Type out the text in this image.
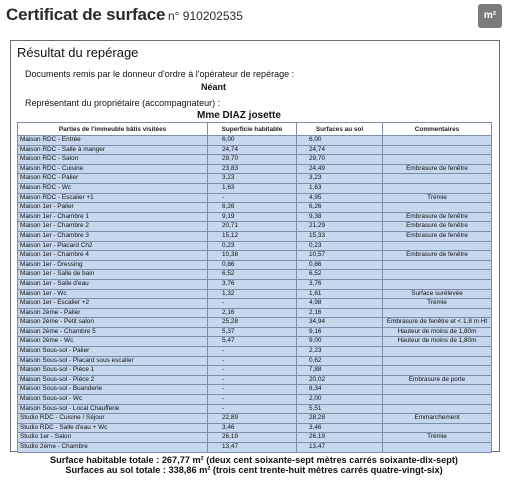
Certificat de surface n° 910202535	m²
Résultat du repérage
Documents remis par le donneur d'ordre à l'opérateur de repérage :
Néant
Représentant du propriétaire (accompagnateur) :
Mme DIAZ josette
Parties de l'immeuble bâtis visitées	Superficie habitable	Surfaces au sol	Commentaires
Maison RDC - Entrée	6,00	6,00	
Maison RDC - Salle à manger	24,74	24,74	
Maison RDC - Salon	29,70	29,70	
Maison RDC - Cuisine	23,83	24,49	Embrasure de fenêtre
Maison RDC - Palier	3,23	3,23	
Maison RDC - Wc	1,63	1,63	
Maison RDC - Escalier +1	-	4,95	Trémie
Maison 1er - Palier	6,26	6,26	
Maison 1er - Chambre 1	9,19	9,38	Embrasure de fenêtre
Maison 1er - Chambre 2	20,71	21,29	Embrasure de fenêtre
Maison 1er - Chambre 3	15,12	15,33	Embrasure de fenêtre
Maison 1er - Placard Ch2	0,23	0,23	
Maison 1er - Chambre 4	10,38	10,57	Embrasure de fenêtre
Maison 1er - Dressing	0,86	0,86	
Maison 1er - Salle de bain	6,52	6,52	
Maison 1er - Salle d'eau	3,76	3,76	
Maison 1er - Wc	1,32	1,61	Surface surélevée
Maison 1er - Escalier +2	-	4,98	Trémie
Maison 2ème - Palier	2,16	2,16	
Maison 2ème - Petit salon	25,28	34,94	Embrasure de fenêtre et < 1,8 m Ht
Maison 2ème - Chambre 5	5,37	9,16	Hauteur de moins de 1,80m
Maison 2ème - Wc	5,47	9,00	Hauteur de moins de 1,80m
Maison Sous-sol - Palier	-	2,23	
Maison Sous-sol - Placard sous escalier	-	0,62	
Maison Sous-sol - Pièce 1	-	7,88	
Maison Sous-sol - Pièce 2	-	20,02	Embrasure de porte
Maison Sous-sol - Buanderie	-	8,34	
Maison Sous-sol - Wc	-	2,00	
Maison Sous-sol - Local Chaufferie	-	5,51	
Studio RDC - Cuisine / Séjour	22,89	28,28	Emmarchement
Studio RDC - Salle d'eau + Wc	3,46	3,46	
Studio 1er - Salon	26,19	26,19	Trémie
Studio 2ème - Chambre	13,47	13,47	
Surface habitable totale : 267,77 m² (deux cent soixante-sept mètres carrés soixante-dix-sept)
Surfaces au sol totale : 338,86 m² (trois cent trente-huit mètres carrés quatre-vingt-six)
